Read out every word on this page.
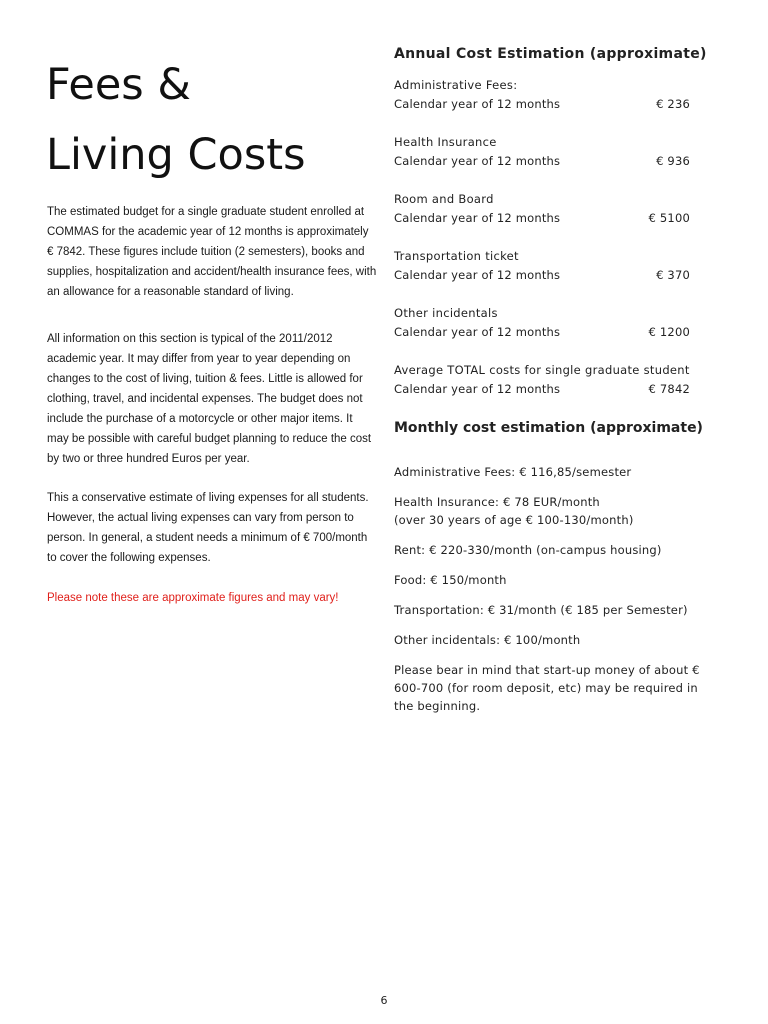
Fees &
Living Costs

The estimated budget for a single graduate student enrolled at COMMAS for the academic year of 12 months is approximately € 7842. These figures include tuition (2 semesters), books and supplies, hospitalization and accident/health insurance fees, with an allowance for a reasonable standard of living.

All information on this section is typical of the 2011/2012 academic year. It may differ from year to year depending on changes to the cost of living, tuition & fees. Little is allowed for clothing, travel, and incidental expenses. The budget does not include the purchase of a motorcycle or other major items. It may be possible with careful budget planning to reduce the cost by two or three hundred Euros per year.

This a conservative estimate of living expenses for all students. However, the actual living expenses can vary from person to person. In general, a student needs a minimum of € 700/month to cover the following expenses.

Please note these are approximate figures and may vary!

Annual Cost Estimation (approximate)
Administrative Fees:
Calendar year of 12 months	€ 236
Health Insurance
Calendar year of 12 months	€ 936
Room and Board
Calendar year of 12 months	€ 5100
Transportation ticket
Calendar year of 12 months	€ 370
Other incidentals
Calendar year of 12 months	€ 1200
Average TOTAL costs for single graduate student
Calendar year of 12 months	€ 7842
Monthly cost estimation (approximate)
Administrative Fees: € 116,85/semester
Health Insurance: € 78 EUR/month
(over 30 years of age € 100-130/month)
Rent: € 220-330/month (on-campus housing)
Food: € 150/month
Transportation: € 31/month (€ 185 per Semester)
Other incidentals: € 100/month
Please bear in mind that start-up money of about € 600-700 (for room deposit, etc) may be required in the beginning.
6
